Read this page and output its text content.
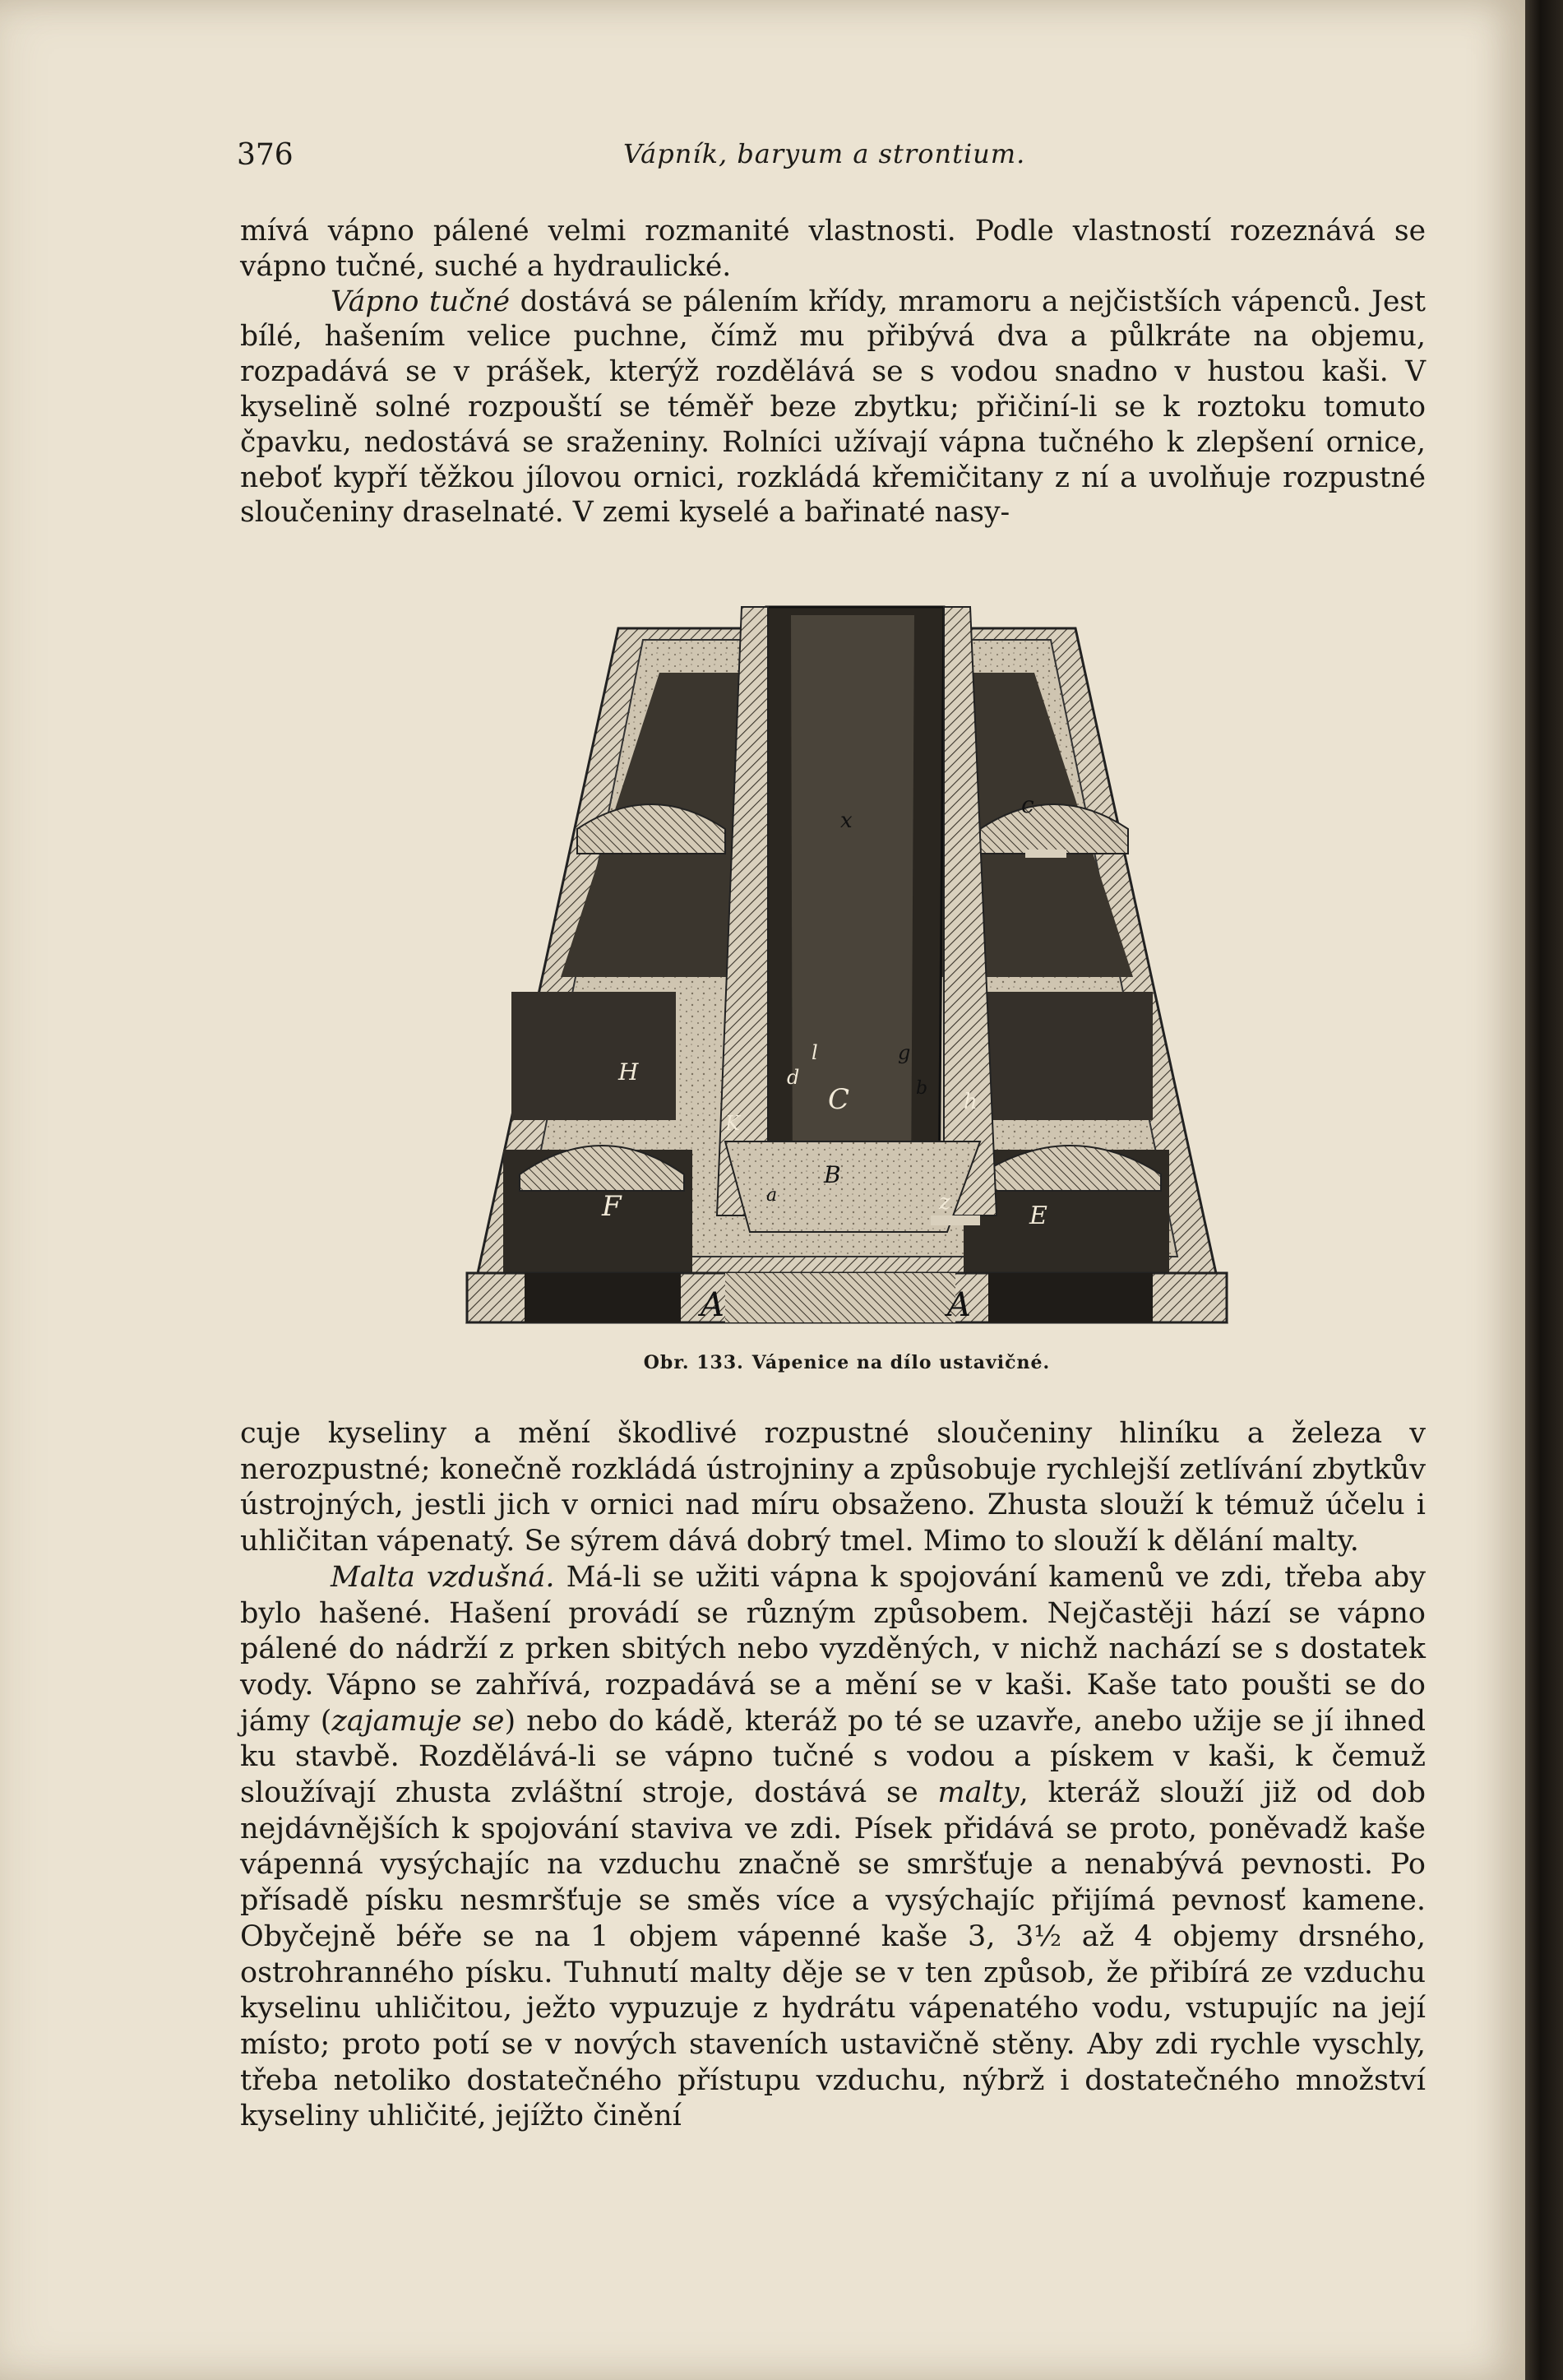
376	Vápník, baryum a strontium.

mívá vápno pálené velmi rozmanité vlastnosti. Podle vlastností rozeznává se vápno tučné, suché a hydraulické.

Vápno tučné dostává se pálením křídy, mramoru a nejčistších vápenců. Jest bílé, hašením velice puchne, čímž mu přibývá dva a půlkráte na objemu, rozpadává se v prášek, kterýž rozdělává se s vodou snadno v hustou kaši. V kyselině solné rozpouští se téměř beze zbytku; přičiní-li se k roztoku tomuto čpavku, nedostává se sraženiny. Rolníci užívají vápna tučného k zlepšení ornice, neboť kypří těžkou jílovou ornici, rozkládá křemičitany z ní a uvolňuje rozpustné sloučeniny draselnaté. V zemi kyselé a bařinaté nasy-

x
c
H	d
l
C
g
b
h
K
B
a
F	z	E
A	A
Obr. 133. Vápenice na dílo ustavičné.

cuje kyseliny a mění škodlivé rozpustné sloučeniny hliníku a železa v nerozpustné; konečně rozkládá ústrojniny a způsobuje rychlejší zetlívání zbytkův ústrojných, jestli jich v ornici nad míru obsaženo. Zhusta slouží k témuž účelu i uhličitan vápenatý. Se sýrem dává dobrý tmel. Mimo to slouží k dělání malty.

Malta vzdušná. Má-li se užiti vápna k spojování kamenů ve zdi, třeba aby bylo hašené. Hašení provádí se různým způsobem. Nejčastěji hází se vápno pálené do nádrží z prken sbitých nebo vyzděných, v nichž nachází se s dostatek vody. Vápno se zahřívá, rozpadává se a mění se v kaši. Kaše tato poušti se do jámy (zajamuje se) nebo do kádě, kteráž po té se uzavře, anebo užije se jí ihned ku stavbě. Rozdělává-li se vápno tučné s vodou a pískem v kaši, k čemuž sloužívají zhusta zvláštní stroje, dostává se malty, kteráž slouží již od dob nejdávnějších k spojování staviva ve zdi. Písek přidává se proto, poněvadž kaše vápenná vysýchajíc na vzduchu značně se smršťuje a nenabývá pevnosti. Po přísadě písku nesmršťuje se směs více a vysýchajíc přijímá pevnosť kamene. Obyčejně béře se na 1 objem vápenné kaše 3, 3½ až 4 objemy drsného, ostrohranného písku. Tuhnutí malty děje se v ten způsob, že přibírá ze vzduchu kyselinu uhličitou, ježto vypuzuje z hydrátu vápenatého vodu, vstupujíc na její místo; proto potí se v nových staveních ustavičně stěny. Aby zdi rychle vyschly, třeba netoliko dostatečného přístupu vzduchu, nýbrž i dostatečného množství kyseliny uhličité, jejížto činění
